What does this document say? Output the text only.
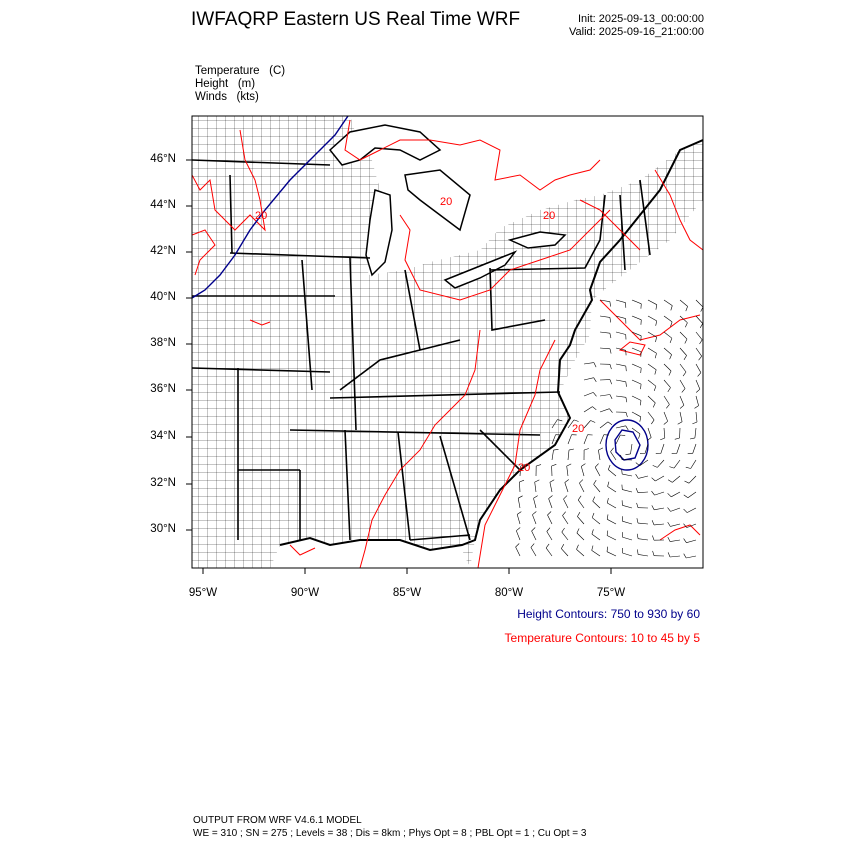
IWFAQRP Eastern US Real Time WRF	Init: 2025-09-13_00:00:00
Valid: 2025-09-16_21:00:00
Temperature   (C)
Height   (m)
Winds   (kts)
20
20
20
20
20
46°N
44°N
42°N
40°N
38°N
36°N
34°N
32°N
30°N
95°W	90°W	85°W	80°W	75°W
Height Contours: 750 to 930 by 60
Temperature Contours: 10 to 45 by 5
OUTPUT FROM WRF V4.6.1 MODEL
WE = 310 ; SN = 275 ; Levels = 38 ; Dis = 8km ; Phys Opt = 8 ; PBL Opt = 1 ; Cu Opt = 3
